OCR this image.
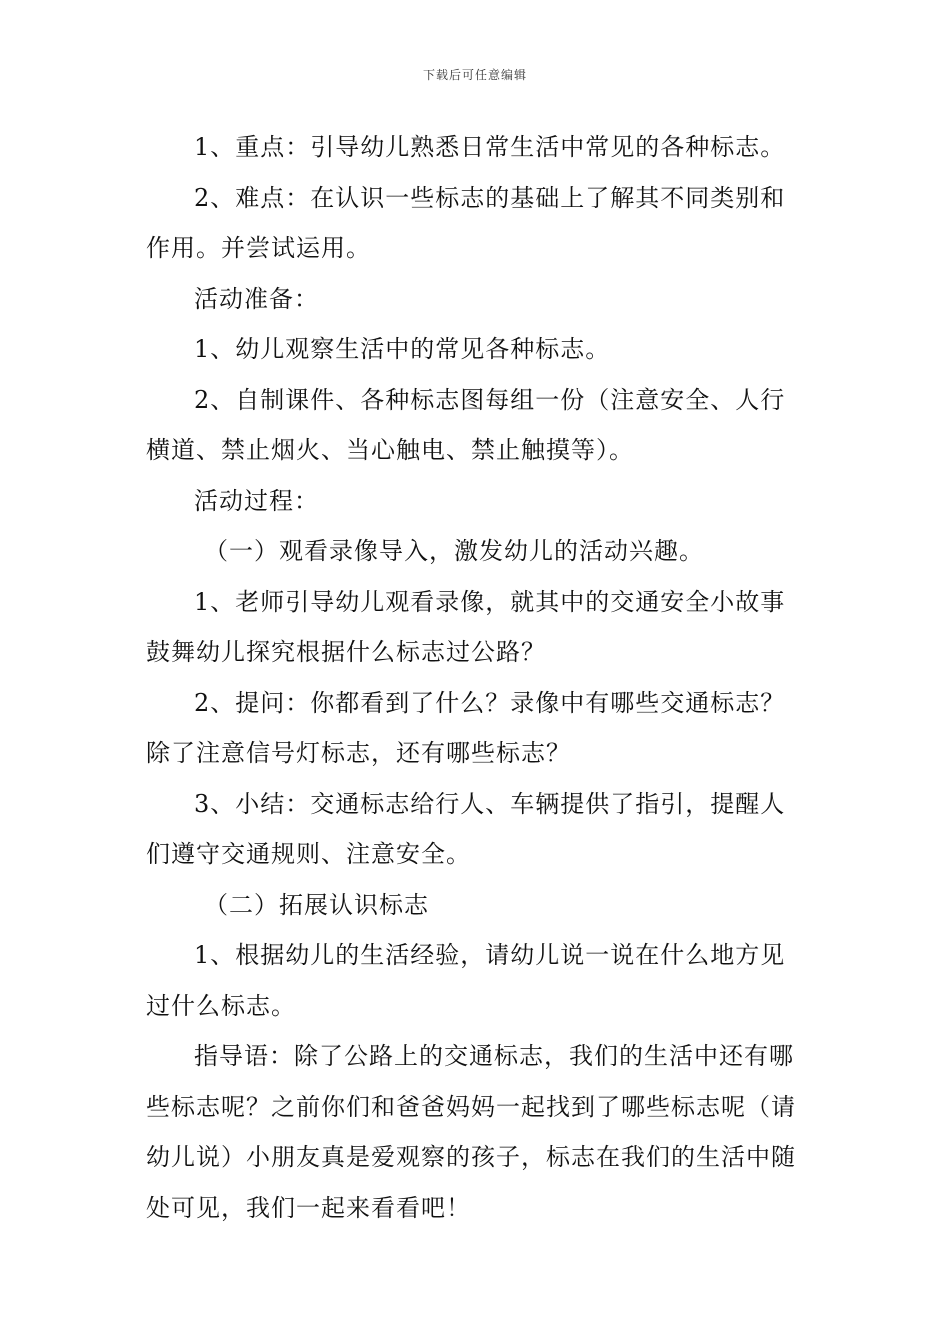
下载后可任意编辑

1、重点：引导幼儿熟悉日常生活中常见的各种标志。

2、难点：在认识一些标志的基础上了解其不同类别和作用。并尝试运用。

活动准备：

1、幼儿观察生活中的常见各种标志。

2、自制课件、各种标志图每组一份（注意安全、人行横道、禁止烟火、当心触电、禁止触摸等）。

活动过程：

（一）观看录像导入，激发幼儿的活动兴趣。

1、老师引导幼儿观看录像，就其中的交通安全小故事鼓舞幼儿探究根据什么标志过公路？

2、提问：你都看到了什么？录像中有哪些交通标志？除了注意信号灯标志，还有哪些标志？

3、小结：交通标志给行人、车辆提供了指引，提醒人们遵守交通规则、注意安全。

（二）拓展认识标志

1、根据幼儿的生活经验，请幼儿说一说在什么地方见过什么标志。

指导语：除了公路上的交通标志，我们的生活中还有哪些标志呢？之前你们和爸爸妈妈一起找到了哪些标志呢（请幼儿说）小朋友真是爱观察的孩子，标志在我们的生活中随处可见，我们一起来看看吧！
